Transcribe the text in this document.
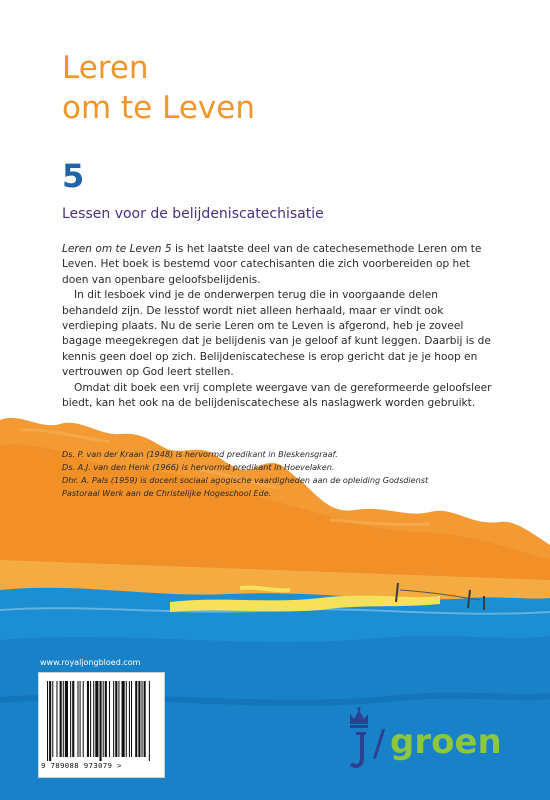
Leren
om te Leven
5
Lessen voor de belijdeniscatechisatie

Leren om te Leven 5 is het laatste deel van de catechesemethode Leren om te Leven. Het boek is bestemd voor catechisanten die zich voorbereiden op het doen van openbare geloofsbelijdenis.

In dit lesboek vind je de onderwerpen terug die in voorgaande delen behandeld zijn. De lesstof wordt niet alleen herhaald, maar er vindt ook verdieping plaats. Nu de serie Leren om te Leven is afgerond, heb je zoveel bagage meegekregen dat je belijdenis van je geloof af kunt leggen. Daarbij is de kennis geen doel op zich. Belijdeniscatechese is erop gericht dat je je hoop en vertrouwen op God leert stellen.

Omdat dit boek een vrij complete weergave van de gereformeerde geloofsleer biedt, kan het ook na de belijdeniscatechese als naslagwerk worden gebruikt.

Ds. P. van der Kraan (1948) is hervormd predikant in Bleskensgraaf.
Ds. A.J. van den Henk (1966) is hervormd predikant in Hoevelaken.
Dhr. A. Pals (1959) is docent sociaal agogische vaardigheden aan de opleiding Godsdienst
Pastoraal Werk aan de Christelijke Hogeschool Ede.
www.royaljongbloed.com
9 789088 973079 >
/ groen
